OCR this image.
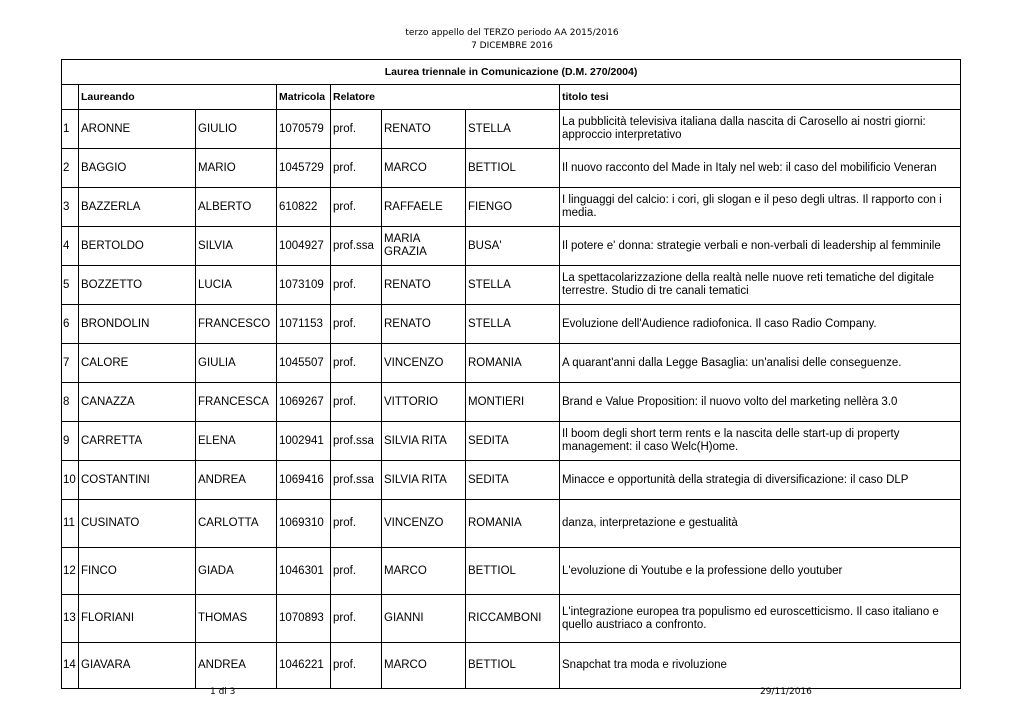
terzo appello del TERZO periodo AA 2015/2016
7 DICEMBRE 2016
Laurea triennale in Comunicazione (D.M. 270/2004)							
	Laureando		Matricola	Relatore			titolo tesi
1	ARONNE	GIULIO	1070579	prof.	RENATO	STELLA	La pubblicità televisiva italiana dalla nascita di Carosello ai nostri giorni: approccio interpretativo
2	BAGGIO	MARIO	1045729	prof.	MARCO	BETTIOL	Il nuovo racconto del Made in Italy nel web: il caso del mobilificio Veneran
3	BAZZERLA	ALBERTO	610822	prof.	RAFFAELE	FIENGO	I linguaggi del calcio: i cori, gli slogan e il peso degli ultras. Il rapporto con i media.
4	BERTOLDO	SILVIA	1004927	prof.ssa	MARIA GRAZIA	BUSA'	Il potere e' donna: strategie verbali e non-verbali di leadership al femminile
5	BOZZETTO	LUCIA	1073109	prof.	RENATO	STELLA	La spettacolarizzazione della realtà nelle nuove reti tematiche del digitale terrestre. Studio di tre canali tematici
6	BRONDOLIN	FRANCESCO	1071153	prof.	RENATO	STELLA	Evoluzione dell'Audience radiofonica. Il caso Radio Company.
7	CALORE	GIULIA	1045507	prof.	VINCENZO	ROMANIA	A quarant'anni dalla Legge Basaglia: un'analisi delle conseguenze.
8	CANAZZA	FRANCESCA	1069267	prof.	VITTORIO	MONTIERI	Brand e Value Proposition: il nuovo volto del marketing nellèra 3.0
9	CARRETTA	ELENA	1002941	prof.ssa	SILVIA RITA	SEDITA	Il boom degli short term rents e la nascita delle start-up di property management: il caso Welc(H)ome.
10	COSTANTINI	ANDREA	1069416	prof.ssa	SILVIA RITA	SEDITA	Minacce e opportunità della strategia di diversificazione: il caso DLP
11	CUSINATO	CARLOTTA	1069310	prof.	VINCENZO	ROMANIA	danza, interpretazione e gestualità
12	FINCO	GIADA	1046301	prof.	MARCO	BETTIOL	L'evoluzione di Youtube e la professione dello youtuber
13	FLORIANI	THOMAS	1070893	prof.	GIANNI	RICCAMBONI	L'integrazione europea tra populismo ed euroscetticismo. Il caso italiano e quello austriaco a confronto.
14	GIAVARA	ANDREA	1046221	prof.	MARCO	BETTIOL	Snapchat tra moda e rivoluzione
1 di 3	29/11/2016
